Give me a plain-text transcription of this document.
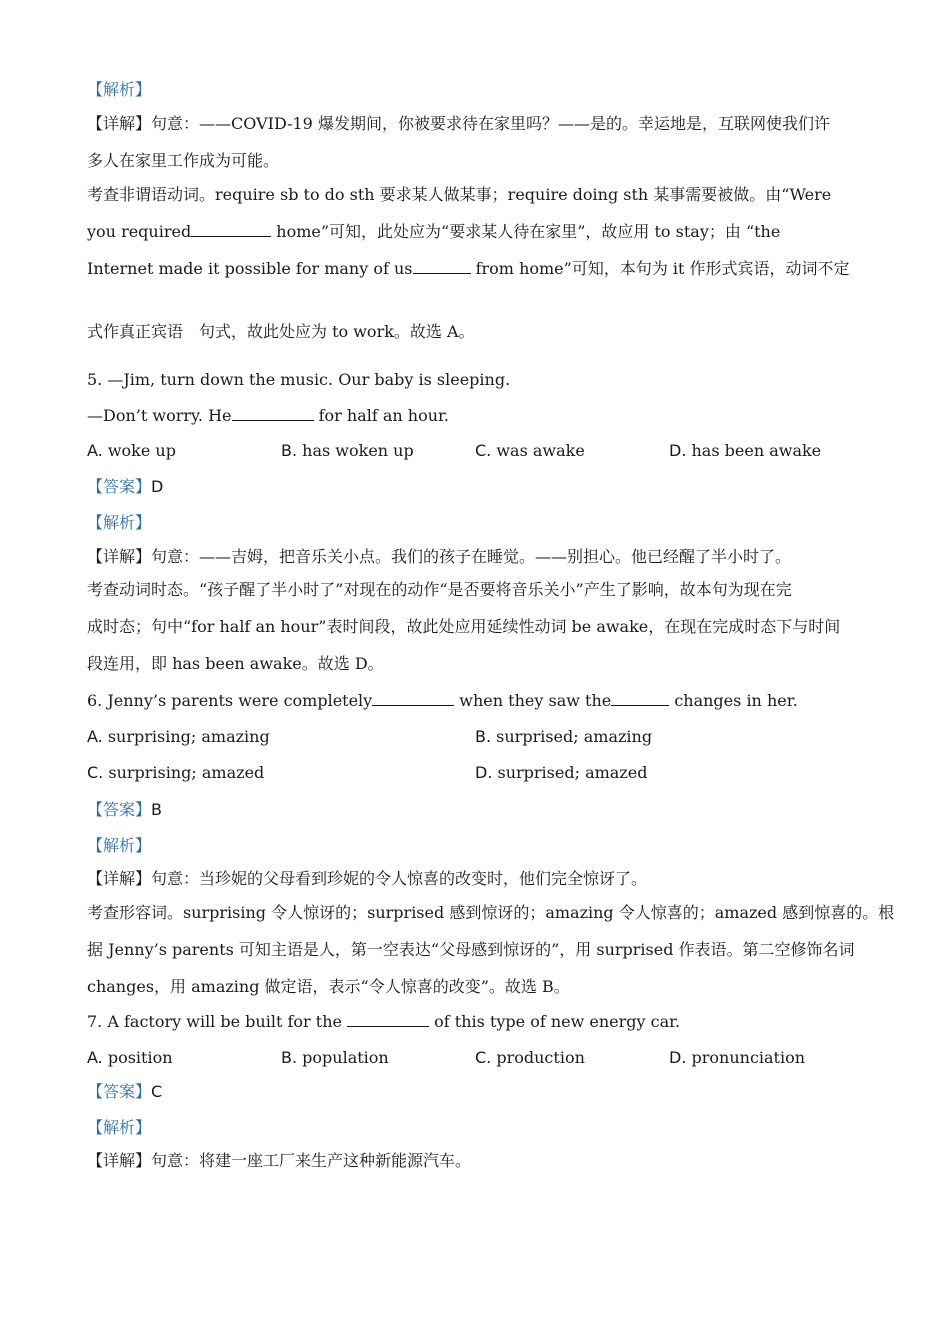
【解析】
【详解】句意：——COVID-19 爆发期间，你被要求待在家里吗？——是的。幸运地是，互联网使我们许
多人在家里工作成为可能。
考查非谓语动词。require sb to do sth 要求某人做某事；require doing sth 某事需要被做。由“Were
you required	home”可知，此处应为“要求某人待在家里”，故应用 to stay；由 “the
Internet made it possible for many of us	from home”可知，本句为 it 作形式宾语，动词不定
式作真正宾语　句式，故此处应为 to work。故选 A。
5. —Jim, turn down the music. Our baby is sleeping.
—Don’t worry. He	for half an hour.
A. woke up	B. has woken up	C. was awake	D. has been awake
【答案】D
【解析】
【详解】句意：——吉姆，把音乐关小点。我们的孩子在睡觉。——别担心。他已经醒了半小时了。
考查动词时态。“孩子醒了半小时了”对现在的动作“是否要将音乐关小”产生了影响，故本句为现在完
成时态；句中“for half an hour”表时间段，故此处应用延续性动词 be awake，在现在完成时态下与时间
段连用，即 has been awake。故选 D。
6. Jenny’s parents were completely	when they saw the	changes in her.
A. surprising; amazing	B. surprised; amazing
C. surprising; amazed	D. surprised; amazed
【答案】B
【解析】
【详解】句意：当珍妮的父母看到珍妮的令人惊喜的改变时，他们完全惊讶了。
考查形容词。surprising 令人惊讶的；surprised 感到惊讶的；amazing 令人惊喜的；amazed 感到惊喜的。根
据 Jenny’s parents 可知主语是人，第一空表达“父母感到惊讶的”，用 surprised 作表语。第二空修饰名词
changes，用 amazing 做定语，表示“令人惊喜的改变”。故选 B。
7. A factory will be built for the	of this type of new energy car.
A. position	B. population	C. production	D. pronunciation
【答案】C
【解析】
【详解】句意：将建一座工厂来生产这种新能源汽车。
